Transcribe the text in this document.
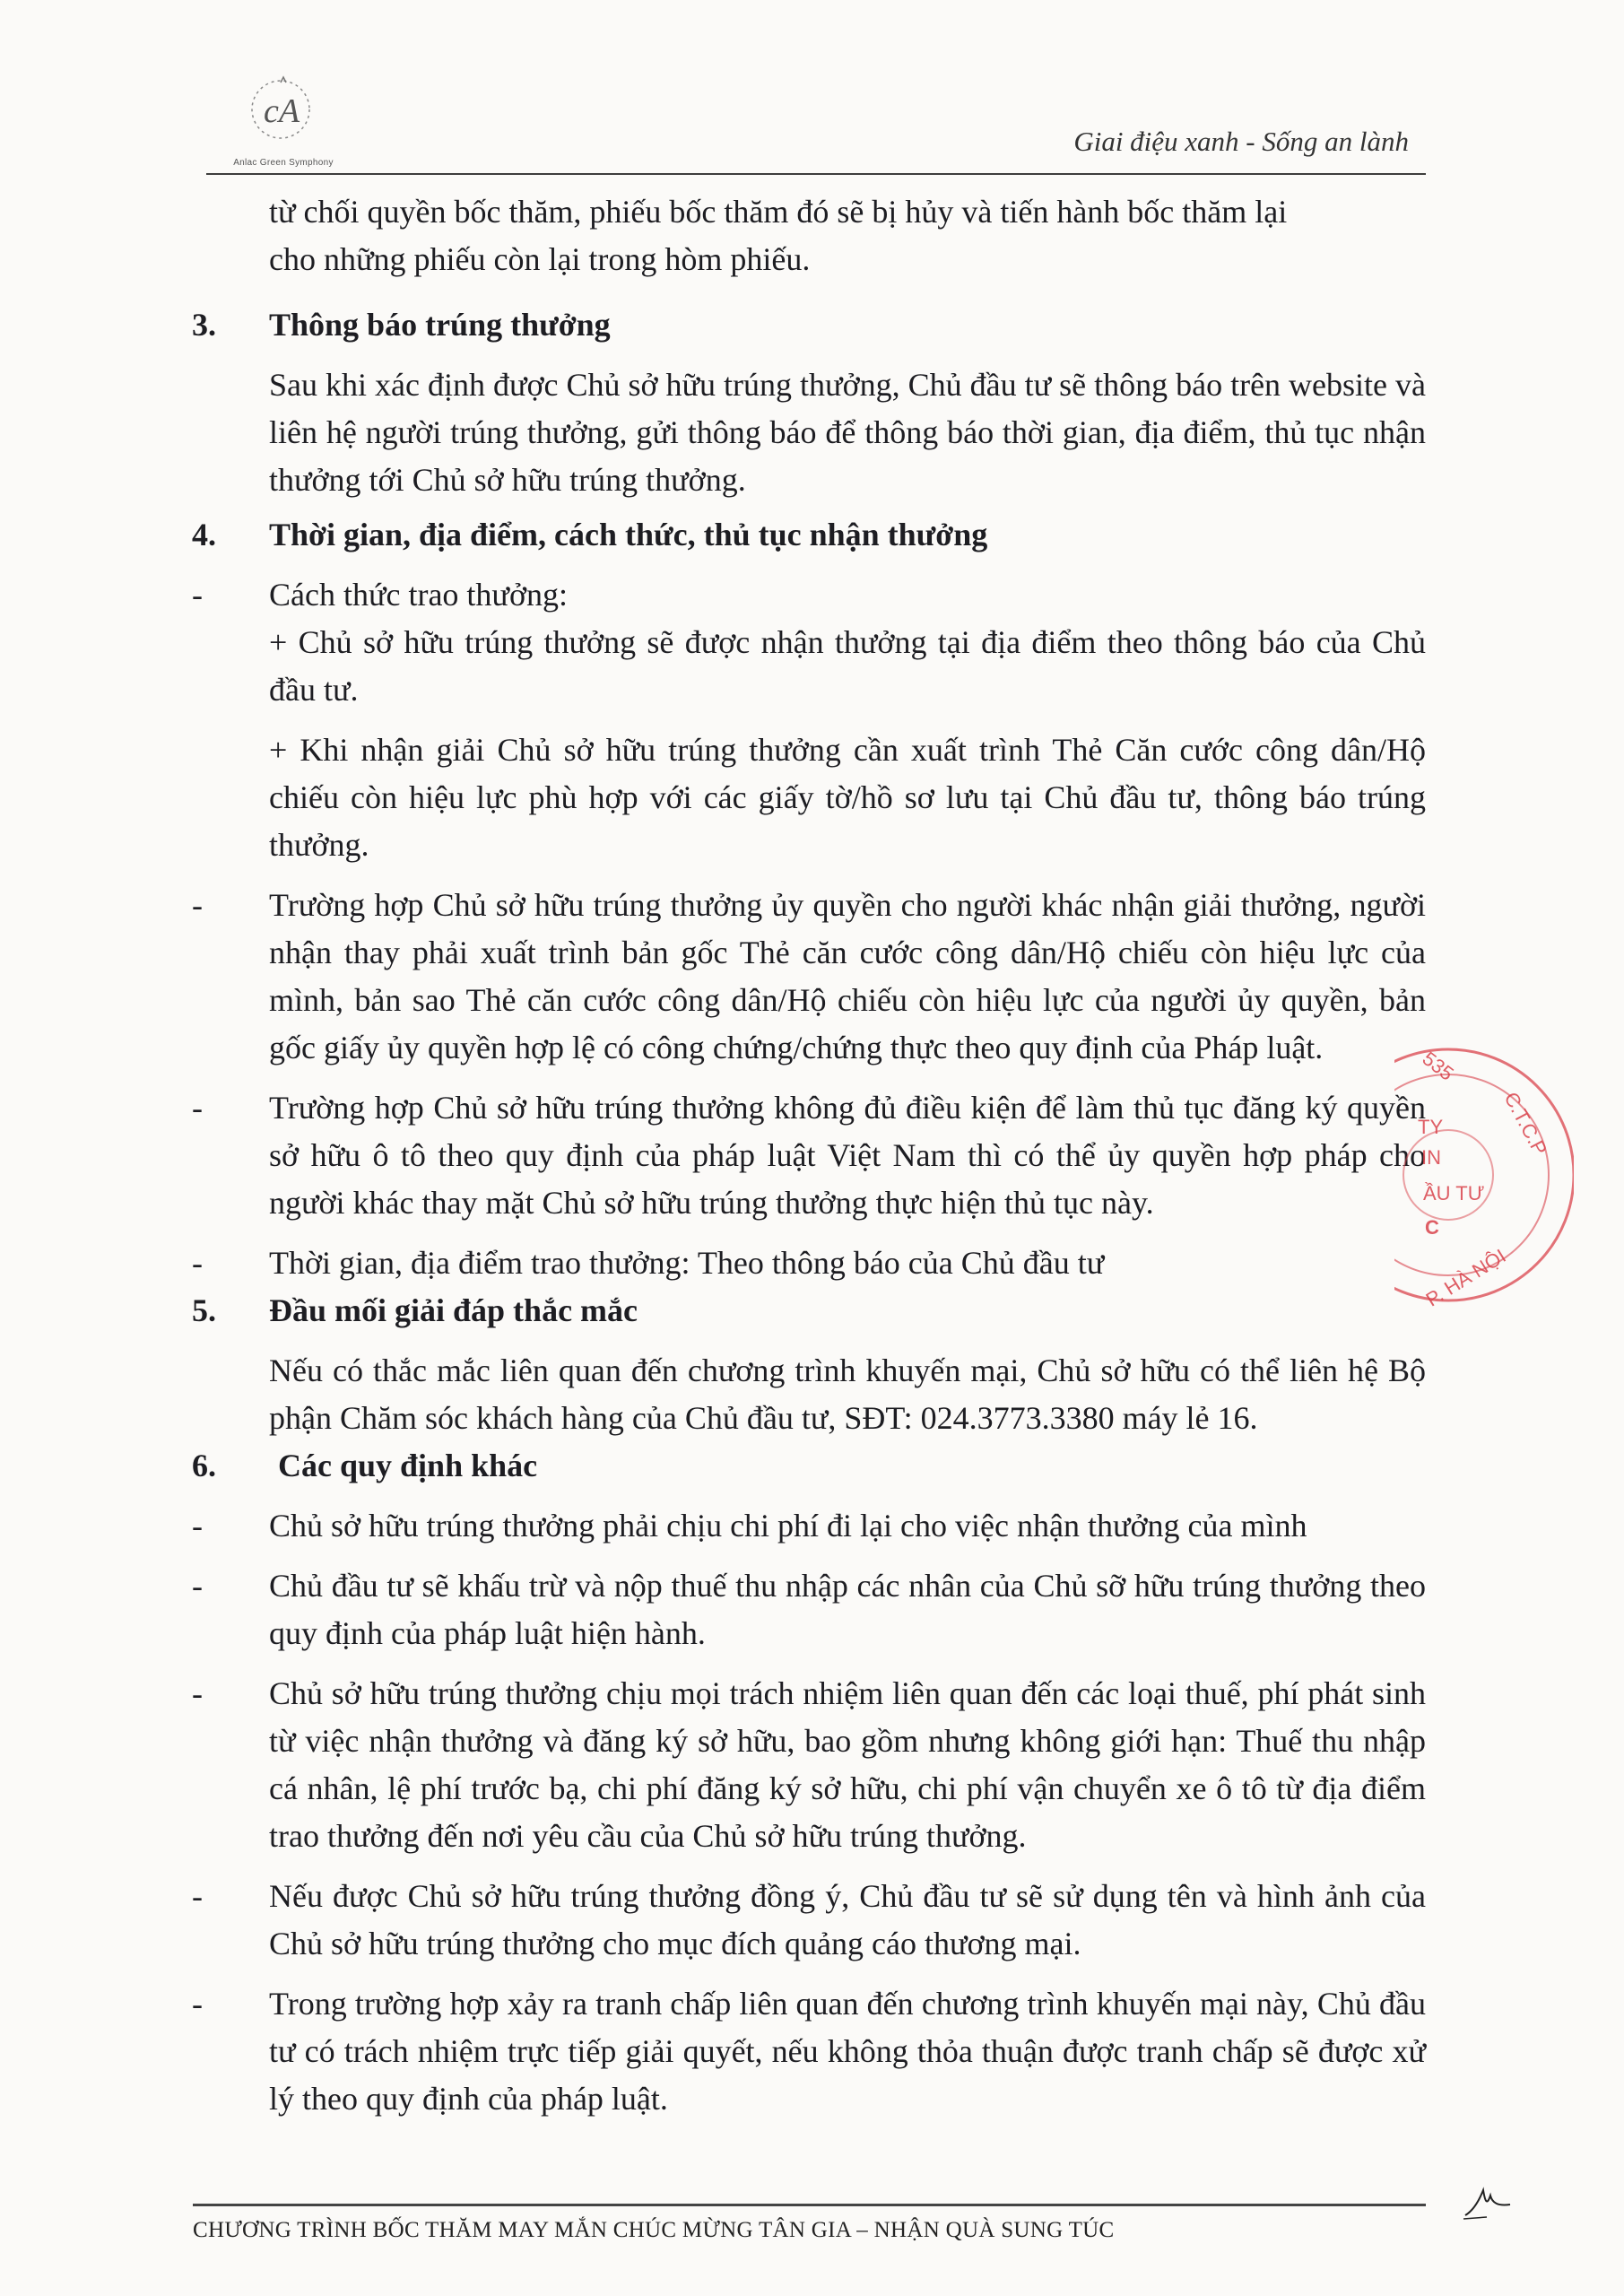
cA
Anlac Green Symphony
Giai điệu xanh - Sống an lành
từ chối quyền bốc thăm, phiếu bốc thăm đó sẽ bị hủy và tiến hành bốc thăm lại
cho những phiếu còn lại trong hòm phiếu.
3.	Thông báo trúng thưởng
Sau khi xác định được Chủ sở hữu trúng thưởng, Chủ đầu tư sẽ thông báo trên website và liên hệ người trúng thưởng, gửi thông báo để thông báo thời gian, địa điểm, thủ tục nhận thưởng tới Chủ sở hữu trúng thưởng.
4.	Thời gian, địa điểm, cách thức, thủ tục nhận thưởng
- Cách thức trao thưởng:
+ Chủ sở hữu trúng thưởng sẽ được nhận thưởng tại địa điểm theo thông báo của Chủ đầu tư.
+ Khi nhận giải Chủ sở hữu trúng thưởng cần xuất trình Thẻ Căn cước công dân/Hộ chiếu còn hiệu lực phù hợp với các giấy tờ/hồ sơ lưu tại Chủ đầu tư, thông báo trúng thưởng.
- Trường hợp Chủ sở hữu trúng thưởng ủy quyền cho người khác nhận giải thưởng, người nhận thay phải xuất trình bản gốc Thẻ căn cước công dân/Hộ chiếu còn hiệu lực của mình, bản sao Thẻ căn cước công dân/Hộ chiếu còn hiệu lực của người ủy quyền, bản gốc giấy ủy quyền hợp lệ có công chứng/chứng thực theo quy định của Pháp luật.
- Trường hợp Chủ sở hữu trúng thưởng không đủ điều kiện để làm thủ tục đăng ký quyền sở hữu ô tô theo quy định của pháp luật Việt Nam thì có thể ủy quyền hợp pháp cho người khác thay mặt Chủ sở hữu trúng thưởng thực hiện thủ tục này.
- Thời gian, địa điểm trao thưởng: Theo thông báo của Chủ đầu tư
5.	Đầu mối giải đáp thắc mắc
Nếu có thắc mắc liên quan đến chương trình khuyến mại, Chủ sở hữu có thể liên hệ Bộ phận Chăm sóc khách hàng của Chủ đầu tư, SĐT: 024.3773.3380 máy lẻ 16.
6.	Các quy định khác
- Chủ sở hữu trúng thưởng phải chịu chi phí đi lại cho việc nhận thưởng của mình
- Chủ đầu tư sẽ khấu trừ và nộp thuế thu nhập các nhân của Chủ sỡ hữu trúng thưởng theo quy định của pháp luật hiện hành.
- Chủ sở hữu trúng thưởng chịu mọi trách nhiệm liên quan đến các loại thuế, phí phát sinh từ việc nhận thưởng và đăng ký sở hữu, bao gồm nhưng không giới hạn: Thuế thu nhập cá nhân, lệ phí trước bạ, chi phí đăng ký sở hữu, chi phí vận chuyển xe ô tô từ địa điểm trao thưởng đến nơi yêu cầu của Chủ sở hữu trúng thưởng.
- Nếu được Chủ sở hữu trúng thưởng đồng ý, Chủ đầu tư sẽ sử dụng tên và hình ảnh của Chủ sở hữu trúng thưởng cho mục đích quảng cáo thương mại.
- Trong trường hợp xảy ra tranh chấp liên quan đến chương trình khuyến mại này, Chủ đầu tư có trách nhiệm trực tiếp giải quyết, nếu không thỏa thuận được tranh chấp sẽ được xử lý theo quy định của pháp luật.
535
C.T.C.P
TY
IN
ẦU TƯ
C
P. HÀ NỘI
CHƯƠNG TRÌNH BỐC THĂM MAY MẮN CHÚC MỪNG TÂN GIA – NHẬN QUÀ SUNG TÚC
